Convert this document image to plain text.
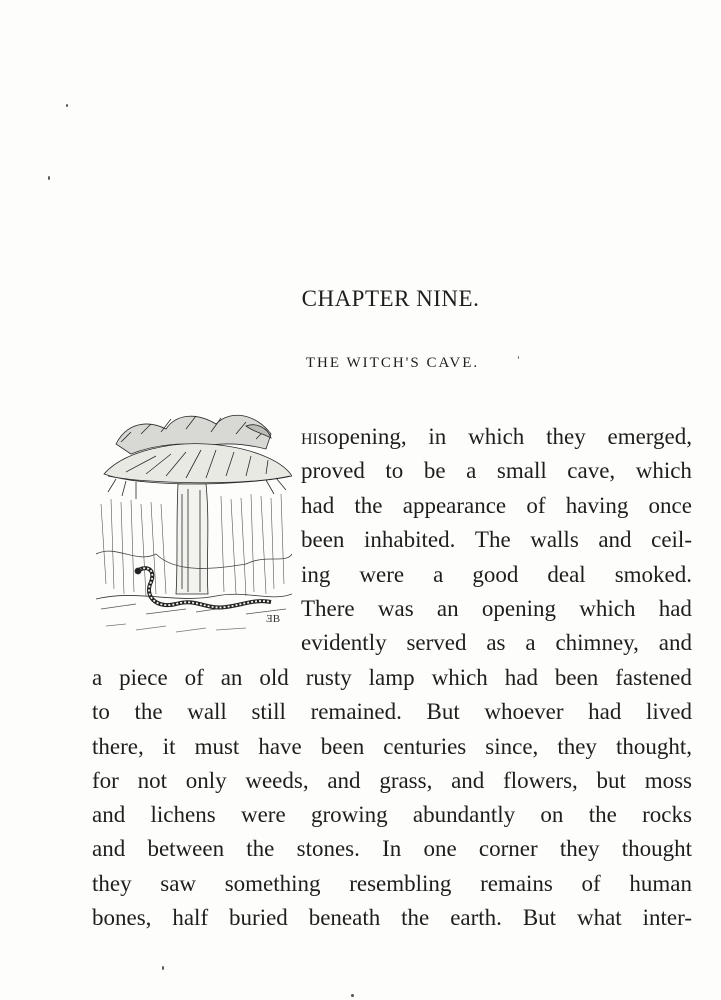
CHAPTER NINE.
THE WITCH'S CAVE.
ƎB
hisopening, in which they emerged,
proved to be a small cave, which
had the appearance of having once
been inhabited. The walls and ceil-
ing were a good deal smoked.
There was an opening which had
evidently served as a chimney, and
a piece of an old rusty lamp which had been fastened
to the wall still remained. But whoever had lived
there, it must have been centuries since, they thought,
for not only weeds, and grass, and flowers, but moss
and lichens were growing abundantly on the rocks
and between the stones. In one corner they thought
they saw something resembling remains of human
bones, half buried beneath the earth. But what inter-
